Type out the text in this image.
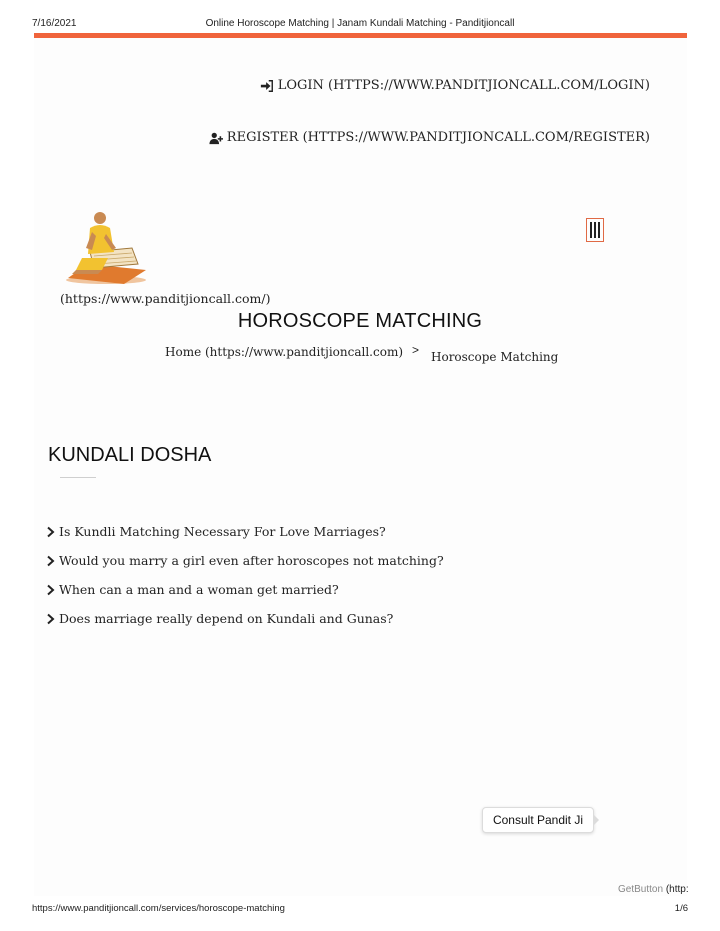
7/16/2021	Online Horoscope Matching | Janam Kundali Matching - Panditjioncall
LOGIN (HTTPS://WWW.PANDITJIONCALL.COM/LOGIN)
REGISTER (HTTPS://WWW.PANDITJIONCALL.COM/REGISTER)
(https://www.panditjioncall.com/)
HOROSCOPE MATCHING
Home (https://www.panditjioncall.com) > Horoscope Matching
KUNDALI DOSHA
Is Kundli Matching Necessary For Love Marriages?
Would you marry a girl even after horoscopes not matching?
When can a man and a woman get married?
Does marriage really depend on Kundali and Gunas?
Consult Pandit Ji
GetButton (http:
https://www.panditjioncall.com/services/horoscope-matching	1/6
